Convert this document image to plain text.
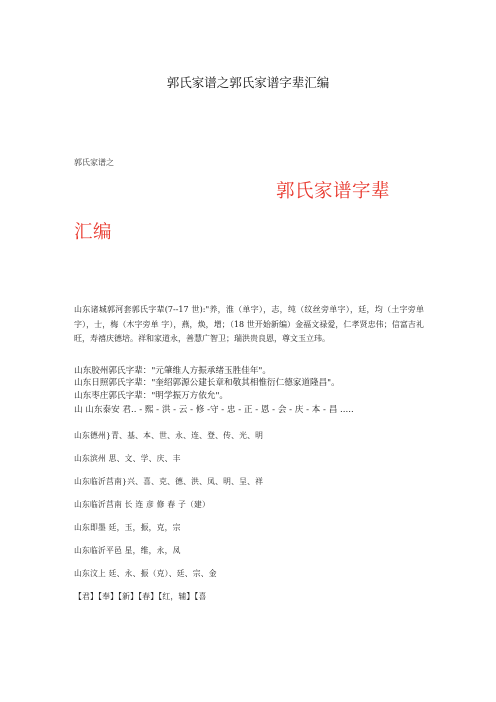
郭氏家谱之郭氏家谱字辈汇编
郭氏家谱之
郭氏家谱字辈
汇编
山东诸城郭河套郭氏字辈(7--17 世):"养，淮（单字），志，纯（纹丝旁单字），廷，均（土字旁单字），士，梅（木字旁单 字），燕，焕，增；（18 世开始新编）金福文禄爱，仁孝贤忠伟；信富吉礼旺，寿禧庆德培。祥和家道永，善慧广智卫；瑞洪贵良恩，尊文玉立玮。
山东胶州郭氏字辈："元肇维人方振承绪玉胜佳年"。
山东日照郭氏字辈："奎绍郭源公建长章和敬其相惟衍仁德家道隆昌"。
山东枣庄郭氏字辈："明学振万方依允"。
山 山东泰安 君.. - 熙 - 洪 - 云 - 修 -守 - 忠 - 正 - 恩 - 会 - 庆 - 本 - 昌 .....
山东德州}青、基、本、世、永、连、登、传、光、明
山东滨州 思、文、学、庆、丰
山东临沂莒南}兴、喜、克、德、洪、凤、明、呈、祥
山东临沂莒南 长 连 彦 修 春 子（建）
山东即墨 廷，玉，振，克，宗
山东临沂平邑 星，维，永，凤
山东汶上 廷、永、振（克）、廷、宗、金
【君】【奉】【新】【春】【红，辅】【喜
